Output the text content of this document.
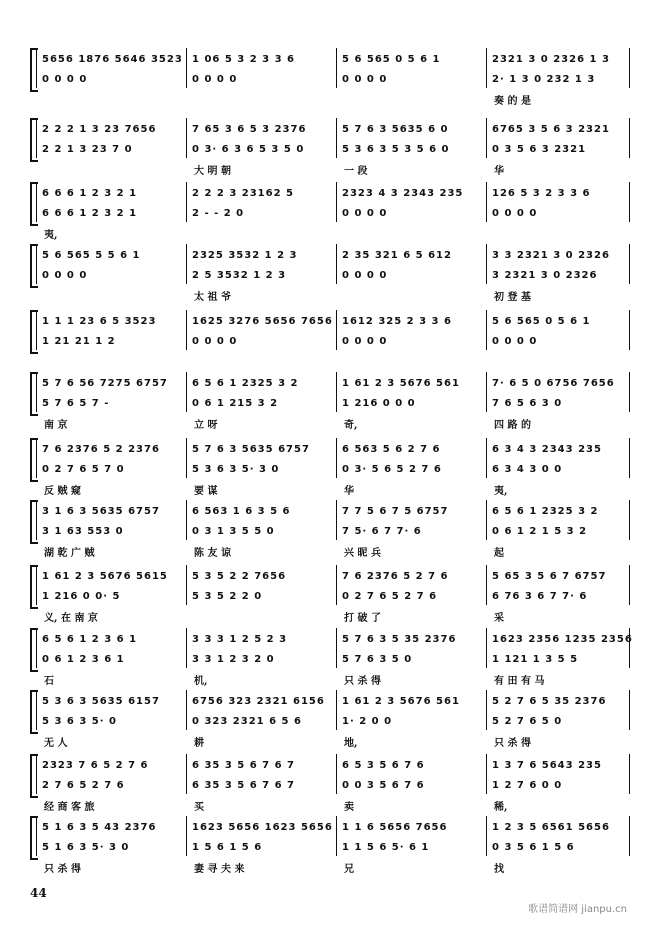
5656 1876 5646 3523
0 0 0 0
1 06 5 3 2 3 3 6
0 0 0 0
5 6 565 0 5 6 1
0 0 0 0
2321 3 0 2326 1 3
2· 1 3 0 232 1 3
奏 的 是
2 2 2 1 3 23 7656
2 2 1 3 23 7 0
7 65 3 6 5 3 2376
0 3· 6 3 6 5 3 5 0
大 明 朝
5 7 6 3 5635 6 0
5 3 6 3 5 3 5 6 0
一 段
6765 3 5 6 3 2321
0 3 5 6 3 2321
华
6 6 6 1 2 3 2 1
6 6 6 1 2 3 2 1
夷,
2 2 2 3 23162 5
2 - - 2 0
2323 4 3 2343 235
0 0 0 0
126 5 3 2 3 3 6
0 0 0 0
5 6 565 5 5 6 1
0 0 0 0
2325 3532 1 2 3
2 5 3532 1 2 3
太 祖 爷
2 35 321 6 5 612
0 0 0 0
3 3 2321 3 0 2326
3 2321 3 0 2326
初 登 基
1 1 1 23 6 5 3523
1 21 21 1 2
1625 3276 5656 7656
0 0 0 0
1612 325 2 3 3 6
0 0 0 0
5 6 565 0 5 6 1
0 0 0 0
5 7 6 56 7275 6757
5 7 6 5 7 -
南 京
6 5 6 1 2325 3 2
0 6 1 215 3 2
立 呀
1 61 2 3 5676 561
1 216 0 0 0
奇,
7· 6 5 0 6756 7656
7 6 5 6 3 0
四 路 的
7 6 2376 5 2 2376
0 2 7 6 5 7 0
反 贼 窥
5 7 6 3 5635 6757
5 3 6 3 5· 3 0
要 谋
6 563 5 6 2 7 6
0 3· 5 6 5 2 7 6
华
6 3 4 3 2343 235
6 3 4 3 0 0
夷,
3 1 6 3 5635 6757
3 1 63 553 0
湖 乾 广 贼
6 563 1 6 3 5 6
0 3 1 3 5 5 0
陈 友 谅
7 7 5 6 7 5 6757
7 5· 6 7 7· 6
兴 昵 兵
6 5 6 1 2325 3 2
0 6 1 2 1 5 3 2
起
1 61 2 3 5676 5615
1 216 0 0· 5
义, 在 南 京
5 3 5 2 2 7656
5 3 5 2 2 0
7 6 2376 5 2 7 6
0 2 7 6 5 2 7 6
打 破 了
5 65 3 5 6 7 6757
6 76 3 6 7 7· 6
采
6 5 6 1 2 3 6 1
0 6 1 2 3 6 1
石
3 3 3 1 2 5 2 3
3 3 1 2 3 2 0
机,
5 7 6 3 5 35 2376
5 7 6 3 5 0
只 杀 得
1623 2356 1235 2356
1 121 1 3 5 5
有 田 有 马
5 3 6 3 5635 6157
5 3 6 3 5· 0
无 人
6756 323 2321 6156
0 323 2321 6 5 6
耕
1 61 2 3 5676 561
1· 2 0 0
地,
5 2 7 6 5 35 2376
5 2 7 6 5 0
只 杀 得
2323 7 6 5 2 7 6
2 7 6 5 2 7 6
经 商 客 旅
6 35 3 5 6 7 6 7
6 35 3 5 6 7 6 7
买
6 5 3 5 6 7 6
0 0 3 5 6 7 6
卖
1 3 7 6 5643 235
1 2 7 6 0 0
稀,
5 1 6 3 5 43 2376
5 1 6 3 5· 3 0
只 杀 得
1623 5656 1623 5656
1 5 6 1 5 6
妻 寻 夫 来
1 1 6 5656 7656
1 1 5 6 5· 6 1
兄
1 2 3 5 6561 5656
0 3 5 6 1 5 6
找
44
歌谱简谱网 jianpu.cn
